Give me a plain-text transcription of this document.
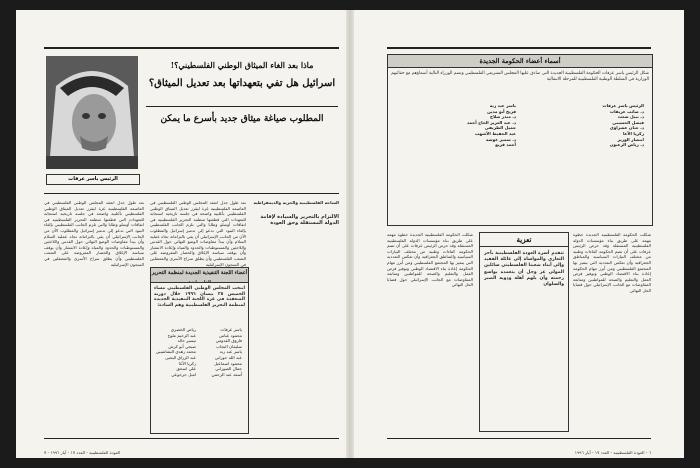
الرئيس ياسر عرفات
ماذا بعد الغاء الميثاق الوطني الفلسطيني؟!
اسرائيل هل تفي بتعهداتها بعد تعديل الميثاق؟
المطلوب صياغة ميثاق جديد بأسرع ما يمكن
الساحة الفلسطينية والحرية والديمقراطية
الالتزام بالتحرير والسيادة لإقامة الدولة المستقلة وحق العودة
بعد طول جدل انعقد المجلس الوطني الفلسطيني في العاصمة الفلسطينية غزة ليقرر تعديل الميثاق الوطني الفلسطيني بأغلبية واضحة في جلسة تاريخية استجابة للتعهدات التي قطعتها منظمة التحرير الفلسطينية في اتفاقات أوسلو وطابا والتي تلزم الجانب الفلسطيني بإلغاء البنود التي تدعو إلى تدمير إسرائيل والمطلوب الآن من الجانب الإسرائيلي أن يفي بالتزاماته تجاه عملية السلام وأن يبدأ مفاوضات الوضع النهائي حول القدس واللاجئين والمستوطنات والحدود والمياه وإعادة الانتشار وأن يوقف سياسة الإغلاق والحصار المفروضة على الشعب الفلسطيني وأن يطلق سراح الأسرى والمعتقلين في السجون الإسرائيلية
أعضاء اللجنة التنفيذية الجديدة لمنظمة التحرير
انتخب المجلس الوطني الفلسطيني مساء الخميس ٢٥ نيسان ١٩٩٦ خلال دورته المنعقدة في غزة اللجنة التنفيذية الجديدة لمنظمة التحرير الفلسطينية وهم السادة:
ياسر عرفات
محمود عباس
فاروق القدومي
سليمان النجاب
ياسر عبد ربه
عبد الله حوراني
محمود اسماعيل
جمال الصوراني
أسعد عبد الرحمن
رياض الخضري
عبد الرحيم ملوح
تيسير خالد
صبحي أبو كرش
محمد زهدي النشاشيبي
عبد الرزاق اليحيى
زكريا الآغا
علي اسحق
اميل جرجوعي
بعد طول جدل انعقد المجلس الوطني الفلسطيني في العاصمة الفلسطينية غزة ليقرر تعديل الميثاق الوطني الفلسطيني بأغلبية واضحة في جلسة تاريخية استجابة للتعهدات التي قطعتها منظمة التحرير الفلسطينية في اتفاقات أوسلو وطابا والتي تلزم الجانب الفلسطيني بإلغاء البنود التي تدعو إلى تدمير إسرائيل والمطلوب الآن من الجانب الإسرائيلي أن يفي بالتزاماته تجاه عملية السلام وأن يبدأ مفاوضات الوضع النهائي حول القدس واللاجئين والمستوطنات والحدود والمياه وإعادة الانتشار وأن يوقف سياسة الإغلاق والحصار المفروضة على الشعب الفلسطيني وأن يطلق سراح الأسرى والمعتقلين في السجون الإسرائيلية
العودة الفلسطينية - العدد ١٧ - آيار ١٩٩٦ - ٧
أسماء أعضاء الحكومة الجديدة
شكل الرئيس ياسر عرفات الحكومة الفلسطينية الجديدة التي صادق عليها المجلس التشريعي الفلسطيني وتضم الوزراء التالية أسماؤهم مع حقائبهم الوزارية في السلطة الوطنية الفلسطينية للمرحلة الانتقالية
الرئيس ياسر عرفات
د. صائب عريقات
د. نبيل شعث
فيصل الحسيني
د. حنان عشراوي
زكريا الآغا
انتصار الوزير
د. رياض الزعنون
ياسر عبد ربه
فريح أبو مدين
د. منذر صلاح
د. عبد العزيز الحاج أحمد
جميل الطريفي
عبد الحفيظ الأشهب
د. سمير غوشة
أحمد قريع
شكلت الحكومة الفلسطينية الجديدة خطوة مهمة على طريق بناء مؤسسات الدولة الفلسطينية المستقلة وقد حرص الرئيس عرفات على أن تضم الحكومة كفاءات وطنية من مختلف التيارات السياسية والمناطق الجغرافية وأن تعكس التعددية التي يتميز بها المجتمع الفلسطيني ومن أبرز مهام الحكومة إعادة بناء الاقتصاد الوطني وتوفير فرص العمل والتعليم والصحة للمواطنين ومتابعة المفاوضات مع الجانب الإسرائيلي حول قضايا الحل النهائي
تعزية
تتقدم أسرة العودة الفلسطينية بأحر التعازي والمواساة إلى عائلة الفقيد وإلى أبناء شعبنا الفلسطيني سائلين المولى عز وجل أن يتغمده بواسع رحمته وأن يلهم أهله وذويه الصبر والسلوان
شكلت الحكومة الفلسطينية الجديدة خطوة مهمة على طريق بناء مؤسسات الدولة الفلسطينية المستقلة وقد حرص الرئيس عرفات على أن تضم الحكومة كفاءات وطنية من مختلف التيارات السياسية والمناطق الجغرافية وأن تعكس التعددية التي يتميز بها المجتمع الفلسطيني ومن أبرز مهام الحكومة إعادة بناء الاقتصاد الوطني وتوفير فرص العمل والتعليم والصحة للمواطنين ومتابعة المفاوضات مع الجانب الإسرائيلي حول قضايا الحل النهائي
٦ - العودة الفلسطينية - العدد ١٧ - آيار ١٩٩٦
